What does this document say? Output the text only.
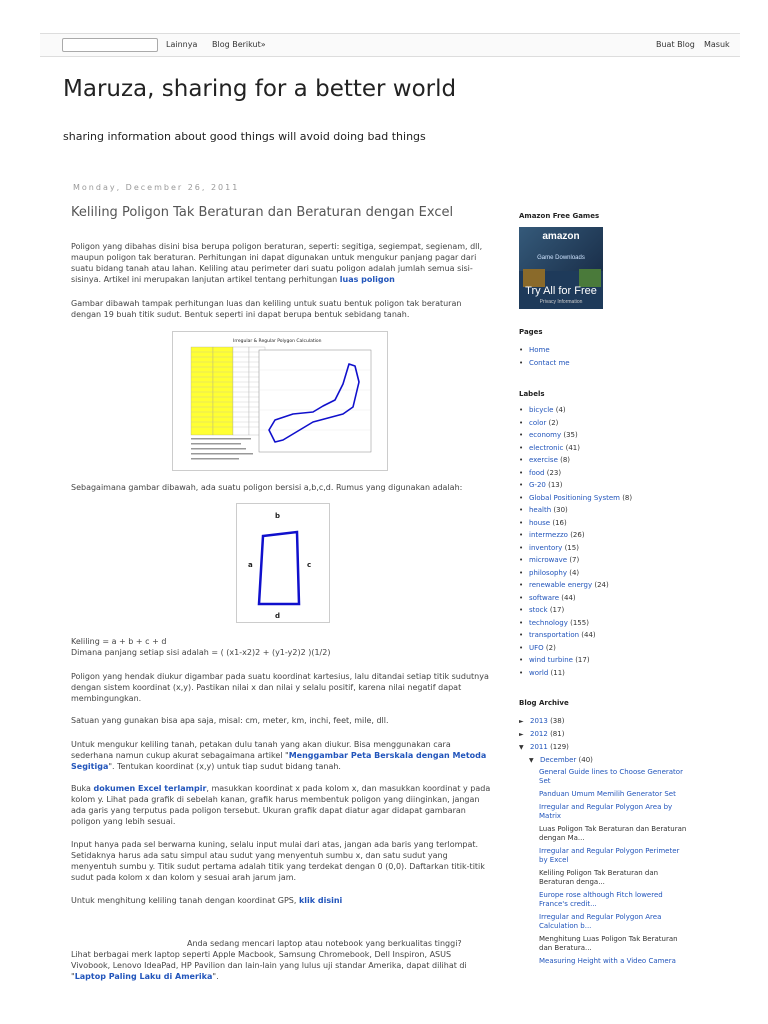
Lainnya Blog Berikut»	Buat Blog Masuk
Maruza, sharing for a better world
sharing information about good things will avoid doing bad things
Monday, December 26, 2011
Keliling Poligon Tak Beraturan dan Beraturan dengan Excel
Poligon yang dibahas disini bisa berupa poligon beraturan, seperti: segitiga, segiempat, segienam, dll, maupun poligon tak beraturan. Perhitungan ini dapat digunakan untuk mengukur panjang pagar dari suatu bidang tanah atau lahan. Keliling atau perimeter dari suatu poligon adalah jumlah semua sisi-sisinya. Artikel ini merupakan lanjutan artikel tentang perhitungan luas poligon
Gambar dibawah tampak perhitungan luas dan keliling untuk suatu bentuk poligon tak beraturan dengan 19 buah titik sudut. Bentuk seperti ini dapat berupa bentuk sebidang tanah.
Irregular & Regular Polygon Calculation
Sebagaimana gambar dibawah, ada suatu poligon bersisi a,b,c,d. Rumus yang digunakan adalah:
b
a	c
d
Keliling = a + b + c + d
Dimana panjang setiap sisi adalah = ( (x1-x2)2 + (y1-y2)2 )(1/2)
Poligon yang hendak diukur digambar pada suatu koordinat kartesius, lalu ditandai setiap titik sudutnya dengan sistem koordinat (x,y). Pastikan nilai x dan nilai y selalu positif, karena nilai negatif dapat membingungkan.
Satuan yang gunakan bisa apa saja, misal: cm, meter, km, inchi, feet, mile, dll.
Untuk mengukur keliling tanah, petakan dulu tanah yang akan diukur. Bisa menggunakan cara sederhana namun cukup akurat sebagaimana artikel "Menggambar Peta Berskala dengan Metoda Segitiga". Tentukan koordinat (x,y) untuk tiap sudut bidang tanah.
Buka dokumen Excel terlampir, masukkan koordinat x pada kolom x, dan masukkan koordinat y pada kolom y. Lihat pada grafik di sebelah kanan, grafik harus membentuk poligon yang diinginkan, jangan ada garis yang terputus pada poligon tersebut. Ukuran grafik dapat diatur agar didapat gambaran poligon yang lebih sesuai.
Input hanya pada sel berwarna kuning, selalu input mulai dari atas, jangan ada baris yang terlompat. Setidaknya harus ada satu simpul atau sudut yang menyentuh sumbu x, dan satu sudut yang menyentuh sumbu y. Titik sudut pertama adalah titik yang terdekat dengan 0 (0,0). Daftarkan titik-titik sudut pada kolom x dan kolom y sesuai arah jarum jam.
Untuk menghitung keliling tanah dengan koordinat GPS, klik disini
Anda sedang mencari laptop atau notebook yang berkualitas tinggi? Lihat berbagai merk laptop seperti Apple Macbook, Samsung Chromebook, Dell Inspiron, ASUS Vivobook, Lenovo IdeaPad, HP Pavilion dan lain-lain yang lulus uji standar Amerika, dapat dilihat di "Laptop Paling Laku di Amerika".
Amazon Free Games
amazon
Game Downloads
Try All for Free
Privacy Information
Pages
• Home
• Contact me
Labels
• bicycle (4)
• color (2)
• economy (35)
• electronic (41)
• exercise (8)
• food (23)
• G-20 (13)
• Global Positioning System (8)
• health (30)
• house (16)
• intermezzo (26)
• inventory (15)
• microwave (7)
• philosophy (4)
• renewable energy (24)
• software (44)
• stock (17)
• technology (155)
• transportation (44)
• UFO (2)
• wind turbine (17)
• world (11)
Blog Archive
► 2013 (38)
► 2012 (81)
▼ 2011 (129)
▼ December (40)
General Guide lines to Choose Generator Set
Panduan Umum Memilih Generator Set
Irregular and Regular Polygon Area by Matrix
Luas Poligon Tak Beraturan dan Beraturan dengan Ma...
Irregular and Regular Polygon Perimeter by Excel
Keliling Poligon Tak Beraturan dan Beraturan denga...
Europe rose although Fitch lowered France's credit...
Irregular and Regular Polygon Area Calculation b...
Menghitung Luas Poligon Tak Beraturan dan Beratura...
Measuring Height with a Video Camera
